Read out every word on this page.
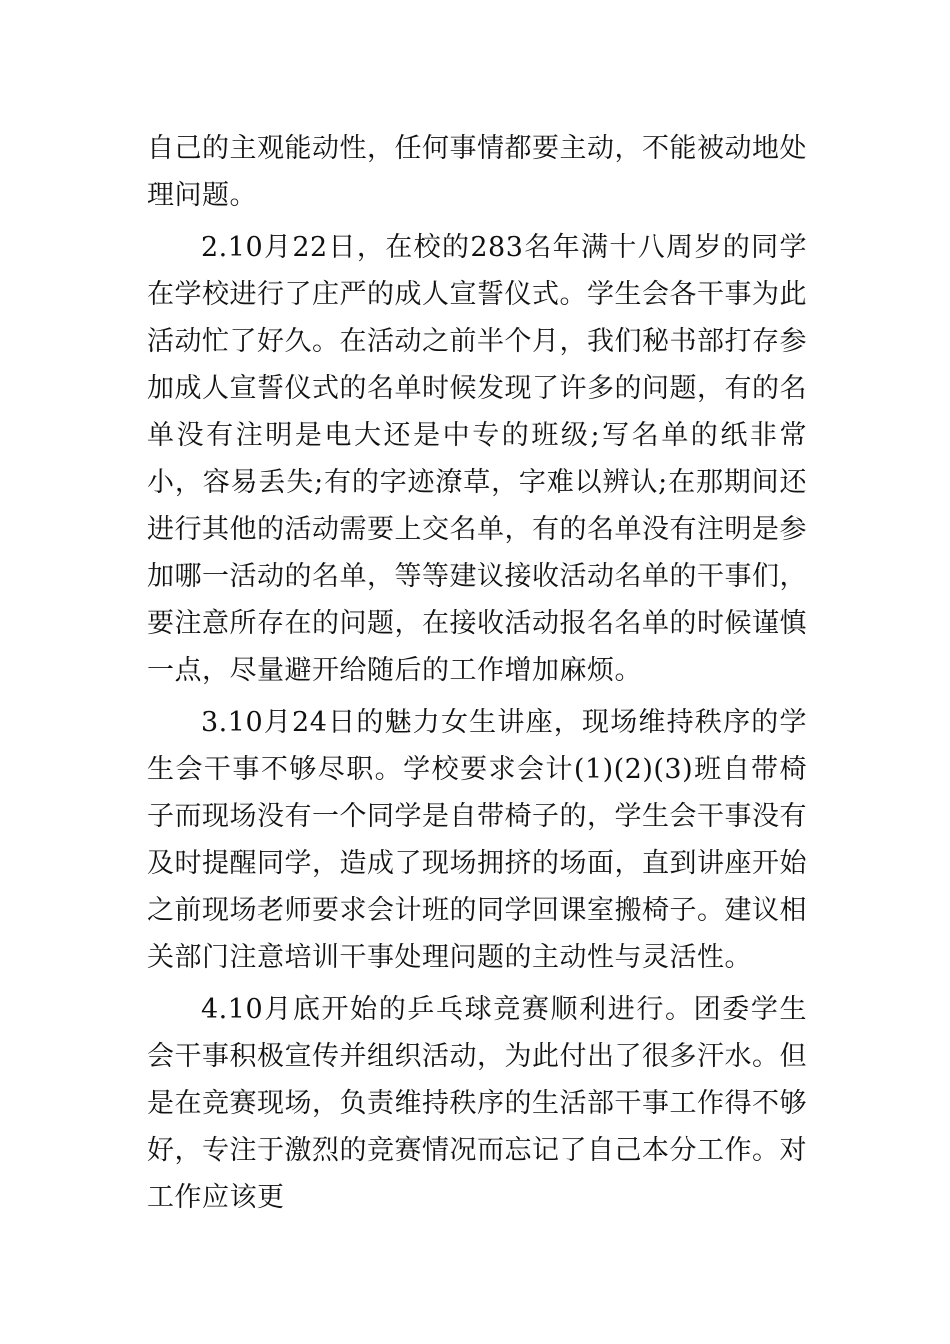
自己的主观能动性，任何事情都要主动，不能被动地处理问题。

2.10月22日，在校的283名年满十八周岁的同学在学校进行了庄严的成人宣誓仪式。学生会各干事为此活动忙了好久。在活动之前半个月，我们秘书部打存参加成人宣誓仪式的名单时候发现了许多的问题，有的名单没有注明是电大还是中专的班级;写名单的纸非常小，容易丢失;有的字迹潦草，字难以辨认;在那期间还进行其他的活动需要上交名单，有的名单没有注明是参加哪一活动的名单，等等建议接收活动名单的干事们，要注意所存在的问题，在接收活动报名名单的时候谨慎一点，尽量避开给随后的工作增加麻烦。

3.10月24日的魅力女生讲座，现场维持秩序的学生会干事不够尽职。学校要求会计(1)(2)(3)班自带椅子而现场没有一个同学是自带椅子的，学生会干事没有及时提醒同学，造成了现场拥挤的场面，直到讲座开始之前现场老师要求会计班的同学回课室搬椅子。建议相关部门注意培训干事处理问题的主动性与灵活性。

4.10月底开始的乒乓球竞赛顺利进行。团委学生会干事积极宣传并组织活动，为此付出了很多汗水。但是在竞赛现场，负责维持秩序的生活部干事工作得不够好，专注于激烈的竞赛情况而忘记了自己本分工作。对工作应该更
